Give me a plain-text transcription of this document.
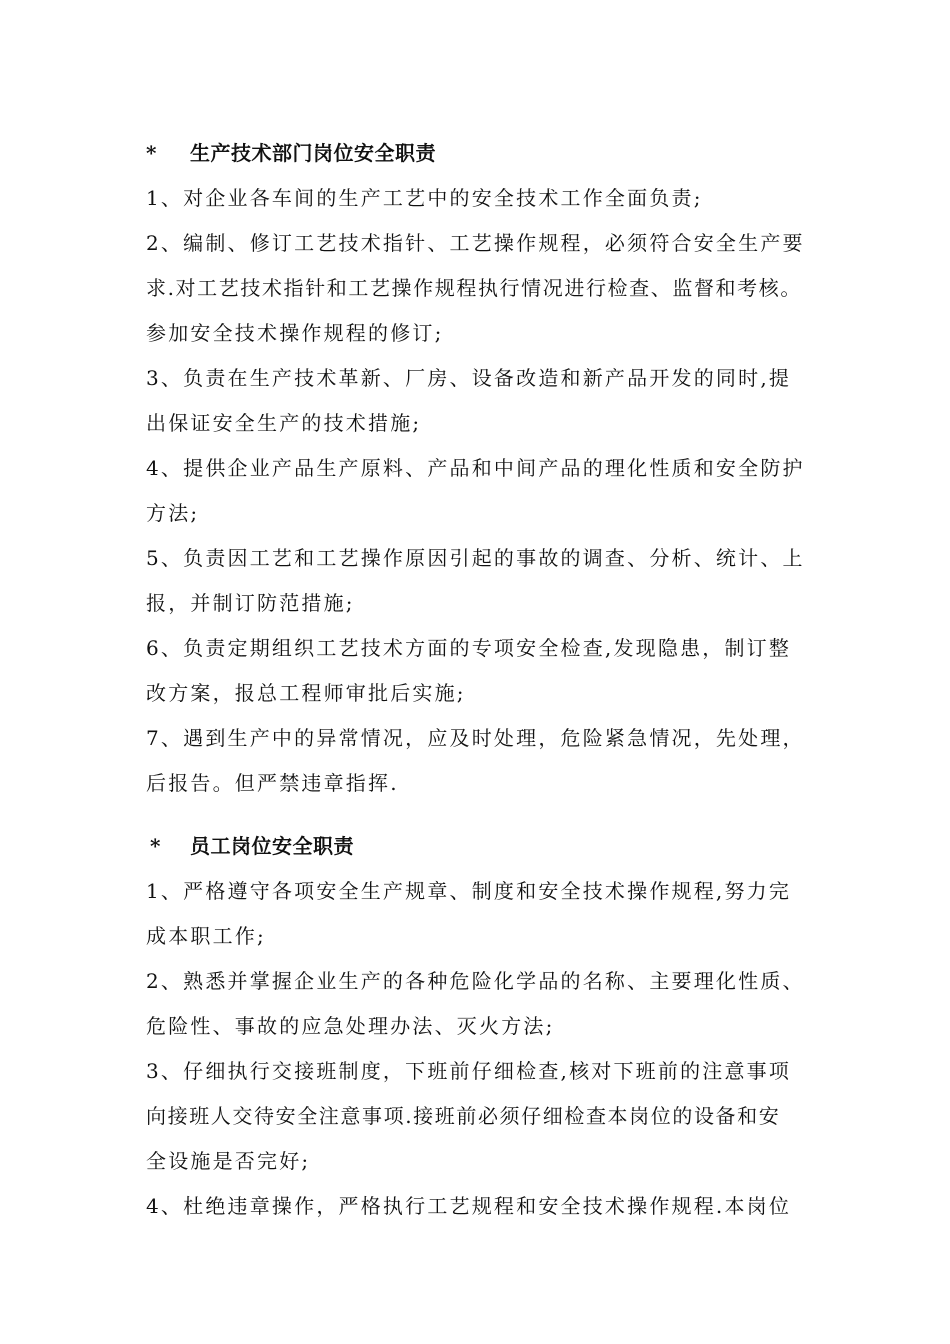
* 生产技术部门岗位安全职责
1、对企业各车间的生产工艺中的安全技术工作全面负责;
2、编制、修订工艺技术指针、工艺操作规程，必须符合安全生产要
求.对工艺技术指针和工艺操作规程执行情况进行检查、监督和考核。
参加安全技术操作规程的修订;
3、负责在生产技术革新、厂房、设备改造和新产品开发的同时,提
出保证安全生产的技术措施;
4、提供企业产品生产原料、产品和中间产品的理化性质和安全防护
方法;
5、负责因工艺和工艺操作原因引起的事故的调查、分析、统计、上
报，并制订防范措施;
6、负责定期组织工艺技术方面的专项安全检查,发现隐患，制订整
改方案，报总工程师审批后实施;
7、遇到生产中的异常情况，应及时处理，危险紧急情况，先处理，
后报告。但严禁违章指挥.
* 员工岗位安全职责
1、严格遵守各项安全生产规章、制度和安全技术操作规程,努力完
成本职工作;
2、熟悉并掌握企业生产的各种危险化学品的名称、主要理化性质、
危险性、事故的应急处理办法、灭火方法;
3、仔细执行交接班制度，下班前仔细检查,核对下班前的注意事项
向接班人交待安全注意事项.接班前必须仔细检查本岗位的设备和安
全设施是否完好;
4、杜绝违章操作，严格执行工艺规程和安全技术操作规程.本岗位
